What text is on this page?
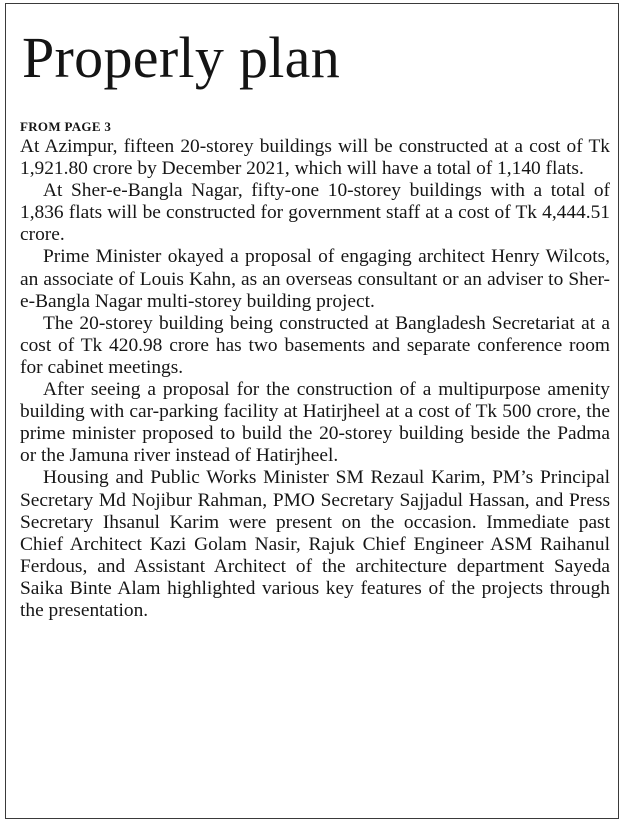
Properly plan

FROM PAGE 3

At Azimpur, fifteen 20-storey buildings will be constructed at a cost of Tk 1,921.80 crore by December 2021, which will have a total of 1,140 flats.

At Sher-e-Bangla Nagar, fifty-one 10-storey buildings with a total of 1,836 flats will be constructed for government staff at a cost of Tk 4,444.51 crore.

Prime Minister okayed a proposal of engaging architect Henry Wilcots, an associate of Louis Kahn, as an overseas consultant or an adviser to Sher-e-Bangla Nagar multi-storey building project.

The 20-storey building being constructed at Bangladesh Secretariat at a cost of Tk 420.98 crore has two basements and separate conference room for cabinet meetings.

After seeing a proposal for the construction of a multipurpose amenity building with car-parking facility at Hatirjheel at a cost of Tk 500 crore, the prime minister proposed to build the 20-storey building beside the Padma or the Jamuna river instead of Hatirjheel.

Housing and Public Works Minister SM Rezaul Karim, PM’s Principal Secretary Md Nojibur Rahman, PMO Secretary Sajjadul Hassan, and Press Secretary Ihsanul Karim were present on the occasion. Immediate past Chief Architect Kazi Golam Nasir, Rajuk Chief Engineer ASM Raihanul Ferdous, and Assistant Architect of the architecture department Sayeda Saika Binte Alam highlighted various key features of the projects through the presentation.
